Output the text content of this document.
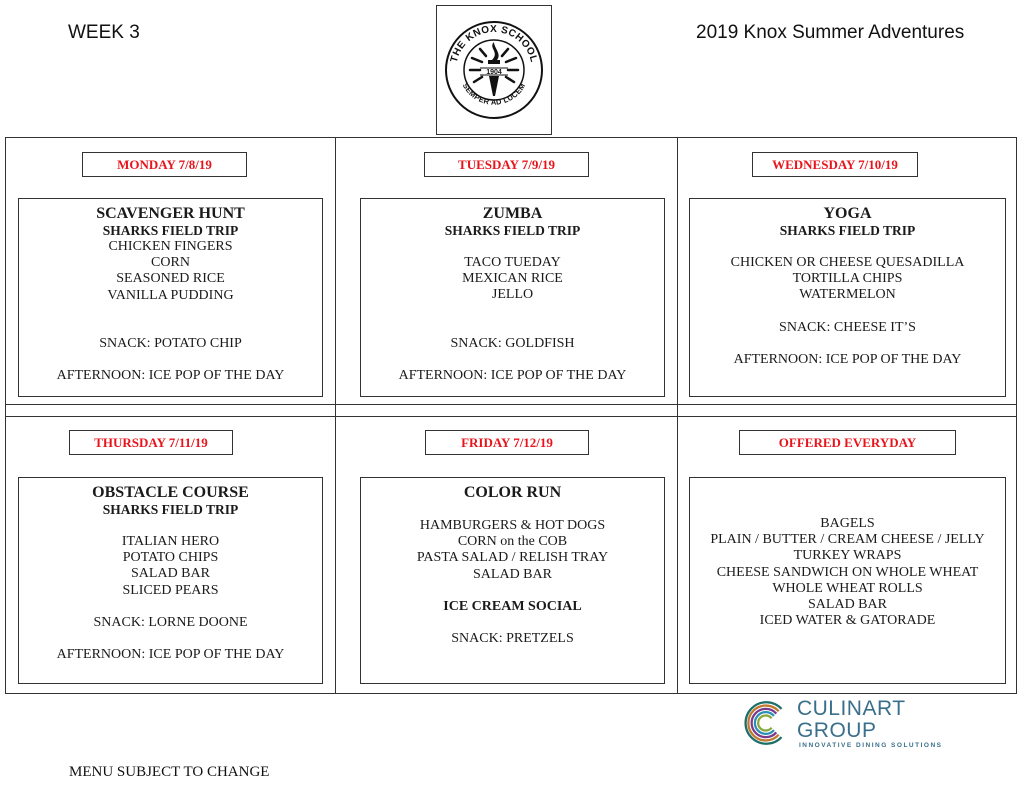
WEEK 3	2019 Knox Summer Adventures
THE KNOX SCHOOL
SEMPER AD LUCEM
1904
MONDAY 7/8/19
SCAVENGER HUNT
SHARKS FIELD TRIP
CHICKEN FINGERS
CORN
SEASONED RICE
VANILLA PUDDING
SNACK: POTATO CHIP
AFTERNOON: ICE POP OF THE DAY
TUESDAY 7/9/19
ZUMBA
SHARKS FIELD TRIP
TACO TUEDAY
MEXICAN RICE
JELLO
SNACK: GOLDFISH
AFTERNOON: ICE POP OF THE DAY
WEDNESDAY 7/10/19
YOGA
SHARKS FIELD TRIP
CHICKEN OR CHEESE QUESADILLA
TORTILLA CHIPS
WATERMELON
SNACK: CHEESE IT’S
AFTERNOON: ICE POP OF THE DAY
THURSDAY 7/11/19
OBSTACLE COURSE
SHARKS FIELD TRIP
ITALIAN HERO
POTATO CHIPS
SALAD BAR
SLICED PEARS
SNACK: LORNE DOONE
AFTERNOON: ICE POP OF THE DAY
FRIDAY 7/12/19
COLOR RUN
HAMBURGERS & HOT DOGS
CORN on the COB
PASTA SALAD / RELISH TRAY
SALAD BAR
ICE CREAM SOCIAL
SNACK: PRETZELS
OFFERED EVERYDAY
BAGELS
PLAIN / BUTTER / CREAM CHEESE / JELLY
TURKEY WRAPS
CHEESE SANDWICH ON WHOLE WHEAT
WHOLE WHEAT ROLLS
SALAD BAR
ICED WATER & GATORADE
CULINART GROUP
INNOVATIVE DINING SOLUTIONS
MENU SUBJECT TO CHANGE
